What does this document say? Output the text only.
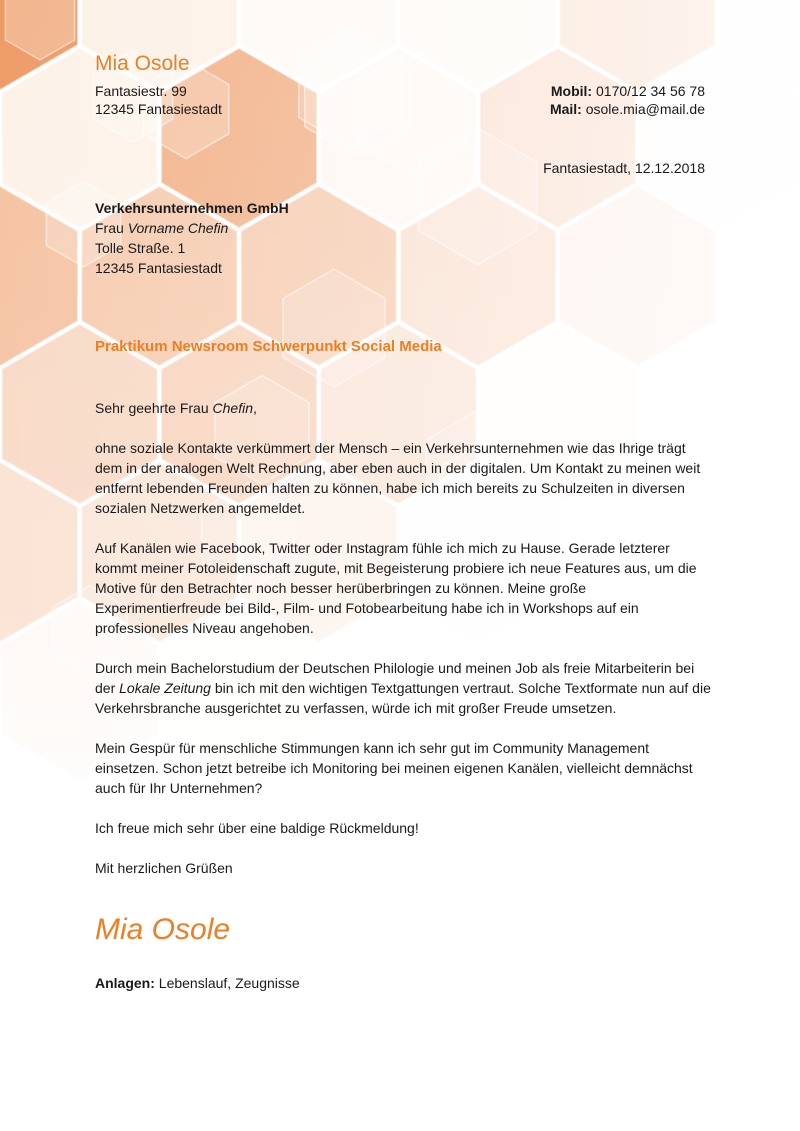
Mia Osole
Fantasiestr. 99
12345 Fantasiestadt
Mobil: 0170/12 34 56 78
Mail: osole.mia@mail.de
Fantasiestadt, 12.12.2018
Verkehrsunternehmen GmbH
Frau Vorname Chefin
Tolle Straße. 1
12345 Fantasiestadt
Praktikum Newsroom Schwerpunkt Social Media

Sehr geehrte Frau Chefin,

ohne soziale Kontakte verkümmert der Mensch – ein Verkehrsunternehmen wie das Ihrige trägt dem in der analogen Welt Rechnung, aber eben auch in der digitalen. Um Kontakt zu meinen weit entfernt lebenden Freunden halten zu können, habe ich mich bereits zu Schulzeiten in diversen sozialen Netzwerken angemeldet.

Auf Kanälen wie Facebook, Twitter oder Instagram fühle ich mich zu Hause. Gerade letzterer kommt meiner Fotoleidenschaft zugute, mit Begeisterung probiere ich neue Features aus, um die Motive für den Betrachter noch besser herüberbringen zu können. Meine große Experimentierfreude bei Bild-, Film- und Fotobearbeitung habe ich in Workshops auf ein professionelles Niveau angehoben.

Durch mein Bachelorstudium der Deutschen Philologie und meinen Job als freie Mitarbeiterin bei der Lokale Zeitung bin ich mit den wichtigen Textgattungen vertraut. Solche Textformate nun auf die Verkehrsbranche ausgerichtet zu verfassen, würde ich mit großer Freude umsetzen.

Mein Gespür für menschliche Stimmungen kann ich sehr gut im Community Management einsetzen. Schon jetzt betreibe ich Monitoring bei meinen eigenen Kanälen, vielleicht demnächst auch für Ihr Unternehmen?

Ich freue mich sehr über eine baldige Rückmeldung!

Mit herzlichen Grüßen

Mia Osole
Anlagen: Lebenslauf, Zeugnisse
